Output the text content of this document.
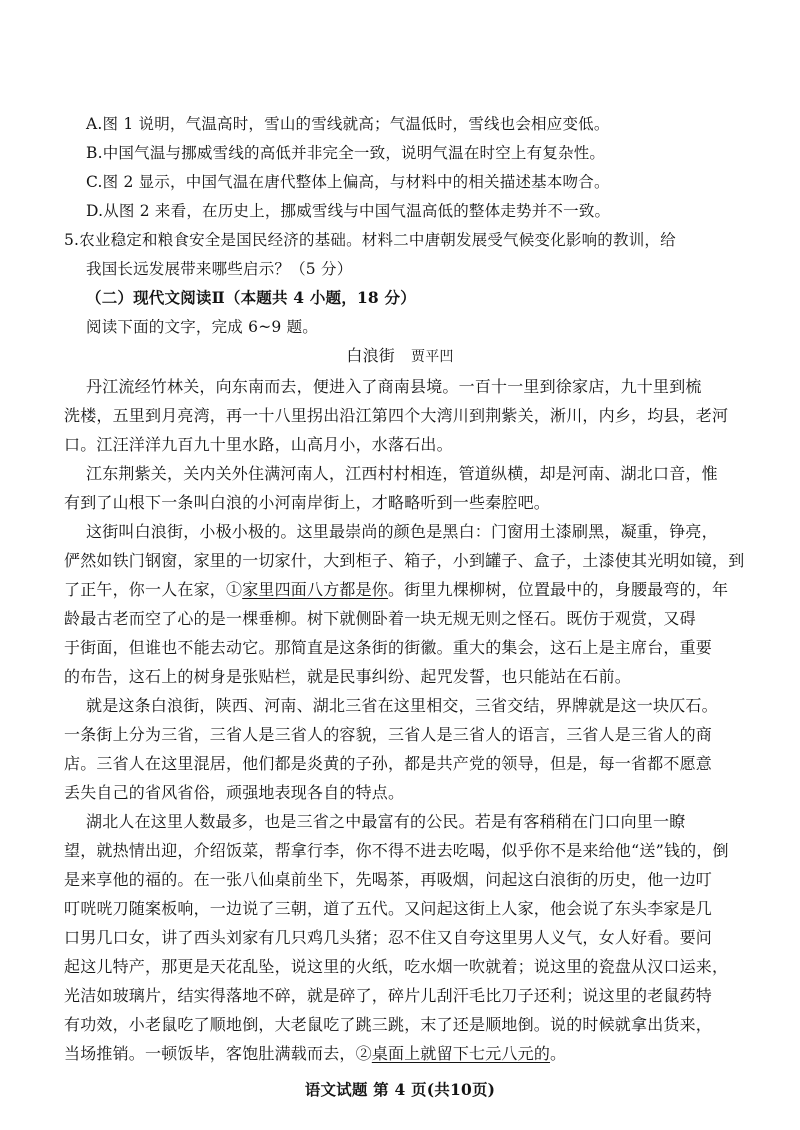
A.图 1 说明，气温高时，雪山的雪线就高；气温低时，雪线也会相应变低。
B.中国气温与挪威雪线的高低并非完全一致，说明气温在时空上有复杂性。
C.图 2 显示，中国气温在唐代整体上偏高，与材料中的相关描述基本吻合。
D.从图 2 来看，在历史上，挪威雪线与中国气温高低的整体走势并不一致。
5.农业稳定和粮食安全是国民经济的基础。材料二中唐朝发展受气候变化影响的教训，给
我国长远发展带来哪些启示？（5 分）
（二）现代文阅读Ⅱ（本题共 4 小题，18 分）
阅读下面的文字，完成 6~9 题。
白浪街 贾平凹
丹江流经竹林关，向东南而去，便进入了商南县境。一百十一里到徐家店，九十里到梳
洗楼，五里到月亮湾，再一十八里拐出沿江第四个大湾川到荆紫关，淅川，内乡，均县，老河
口。江汪洋洋九百九十里水路，山高月小，水落石出。
江东荆紫关，关内关外住满河南人，江西村村相连，管道纵横，却是河南、湖北口音，惟
有到了山根下一条叫白浪的小河南岸街上，才略略听到一些秦腔吧。
这街叫白浪街，小极小极的。这里最崇尚的颜色是黑白：门窗用土漆刷黑，凝重，铮亮，
俨然如铁门钢窗，家里的一切家什，大到柜子、箱子，小到罐子、盒子，土漆使其光明如镜，到
了正午，你一人在家，①家里四面八方都是你。街里九棵柳树，位置最中的，身腰最弯的，年
龄最古老而空了心的是一棵垂柳。树下就侧卧着一块无规无则之怪石。既仿于观赏，又碍
于街面，但谁也不能去动它。那简直是这条街的街徽。重大的集会，这石上是主席台，重要
的布告，这石上的树身是张贴栏，就是民事纠纷、起咒发誓，也只能站在石前。
就是这条白浪街，陕西、河南、湖北三省在这里相交，三省交结，界牌就是这一块仄石。
一条街上分为三省，三省人是三省人的容貌，三省人是三省人的语言，三省人是三省人的商
店。三省人在这里混居，他们都是炎黄的子孙，都是共产党的领导，但是，每一省都不愿意
丢失自己的省风省俗，顽强地表现各自的特点。
湖北人在这里人数最多，也是三省之中最富有的公民。若是有客稍稍在门口向里一瞭
望，就热情出迎，介绍饭菜，帮拿行李，你不得不进去吃喝，似乎你不是来给他“送”钱的，倒
是来享他的福的。在一张八仙桌前坐下，先喝茶，再吸烟，问起这白浪街的历史，他一边叮
叮咣咣刀随案板响，一边说了三朝，道了五代。又问起这街上人家，他会说了东头李家是几
口男几口女，讲了西头刘家有几只鸡几头猪；忍不住又自夸这里男人义气，女人好看。要问
起这儿特产，那更是天花乱坠，说这里的火纸，吃水烟一吹就着；说这里的瓷盘从汉口运来，
光洁如玻璃片，结实得落地不碎，就是碎了，碎片儿刮汗毛比刀子还利；说这里的老鼠药特
有功效，小老鼠吃了顺地倒，大老鼠吃了跳三跳，末了还是顺地倒。说的时候就拿出货来，
当场推销。一顿饭毕，客饱肚满载而去，②桌面上就留下七元八元的。
语文试题 第 4 页(共10页)
